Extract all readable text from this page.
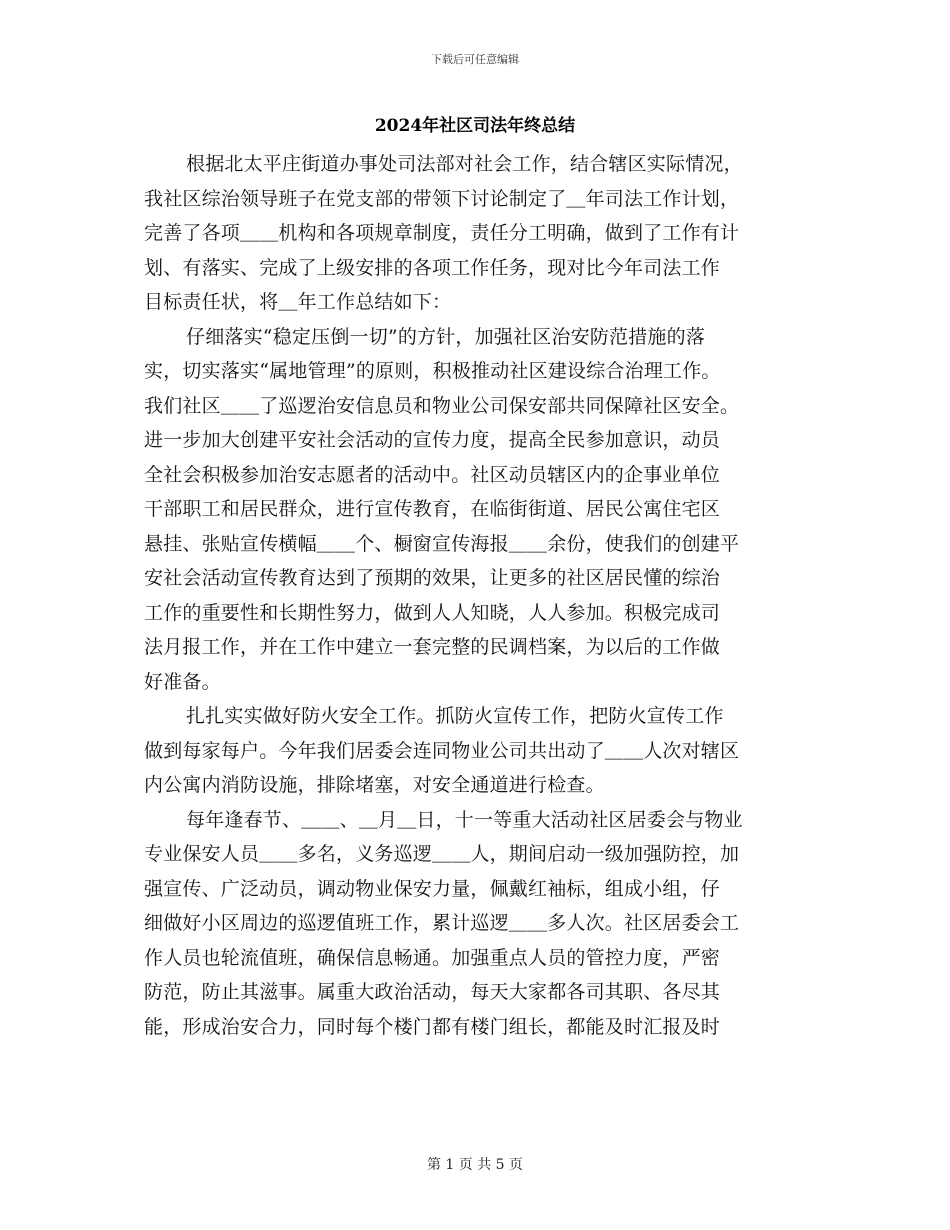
下载后可任意编辑
2024年社区司法年终总结
根据北太平庄街道办事处司法部对社会工作，结合辖区实际情况，
我社区综治领导班子在党支部的带领下讨论制定了＿年司法工作计划，
完善了各项＿＿机构和各项规章制度，责任分工明确，做到了工作有计
划、有落实、完成了上级安排的各项工作任务，现对比今年司法工作
目标责任状，将＿年工作总结如下：
仔细落实“稳定压倒一切”的方针，加强社区治安防范措施的落
实，切实落实“属地管理”的原则，积极推动社区建设综合治理工作。
我们社区＿＿了巡逻治安信息员和物业公司保安部共同保障社区安全。
进一步加大创建平安社会活动的宣传力度，提高全民参加意识，动员
全社会积极参加治安志愿者的活动中。社区动员辖区内的企事业单位
干部职工和居民群众，进行宣传教育，在临街街道、居民公寓住宅区
悬挂、张贴宣传横幅＿＿个、橱窗宣传海报＿＿余份，使我们的创建平
安社会活动宣传教育达到了预期的效果，让更多的社区居民懂的综治
工作的重要性和长期性努力，做到人人知晓，人人参加。积极完成司
法月报工作，并在工作中建立一套完整的民调档案，为以后的工作做
好准备。
扎扎实实做好防火安全工作。抓防火宣传工作，把防火宣传工作
做到每家每户。今年我们居委会连同物业公司共出动了＿＿人次对辖区
内公寓内消防设施，排除堵塞，对安全通道进行检查。
每年逢春节、＿＿、＿月＿日，十一等重大活动社区居委会与物业
专业保安人员＿＿多名，义务巡逻＿＿人，期间启动一级加强防控，加
强宣传、广泛动员，调动物业保安力量，佩戴红袖标，组成小组，仔
细做好小区周边的巡逻值班工作，累计巡逻＿＿多人次。社区居委会工
作人员也轮流值班，确保信息畅通。加强重点人员的管控力度，严密
防范，防止其滋事。属重大政治活动，每天大家都各司其职、各尽其
能，形成治安合力，同时每个楼门都有楼门组长，都能及时汇报及时
第 1 页 共 5 页
